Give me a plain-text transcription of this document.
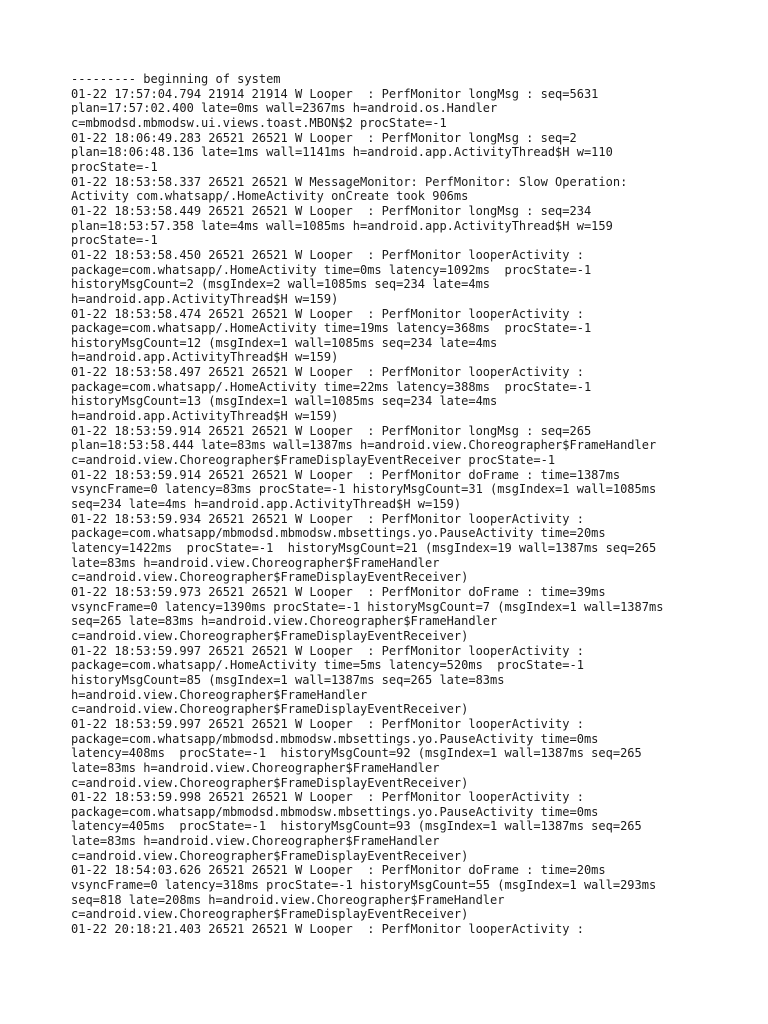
--------- beginning of system
01-22 17:57:04.794 21914 21914 W Looper  : PerfMonitor longMsg : seq=5631
plan=17:57:02.400 late=0ms wall=2367ms h=android.os.Handler
c=mbmodsd.mbmodsw.ui.views.toast.MBON$2 procState=-1
01-22 18:06:49.283 26521 26521 W Looper  : PerfMonitor longMsg : seq=2
plan=18:06:48.136 late=1ms wall=1141ms h=android.app.ActivityThread$H w=110
procState=-1
01-22 18:53:58.337 26521 26521 W MessageMonitor: PerfMonitor: Slow Operation:
Activity com.whatsapp/.HomeActivity onCreate took 906ms
01-22 18:53:58.449 26521 26521 W Looper  : PerfMonitor longMsg : seq=234
plan=18:53:57.358 late=4ms wall=1085ms h=android.app.ActivityThread$H w=159
procState=-1
01-22 18:53:58.450 26521 26521 W Looper  : PerfMonitor looperActivity :
package=com.whatsapp/.HomeActivity time=0ms latency=1092ms  procState=-1
historyMsgCount=2 (msgIndex=2 wall=1085ms seq=234 late=4ms
h=android.app.ActivityThread$H w=159)
01-22 18:53:58.474 26521 26521 W Looper  : PerfMonitor looperActivity :
package=com.whatsapp/.HomeActivity time=19ms latency=368ms  procState=-1
historyMsgCount=12 (msgIndex=1 wall=1085ms seq=234 late=4ms
h=android.app.ActivityThread$H w=159)
01-22 18:53:58.497 26521 26521 W Looper  : PerfMonitor looperActivity :
package=com.whatsapp/.HomeActivity time=22ms latency=388ms  procState=-1
historyMsgCount=13 (msgIndex=1 wall=1085ms seq=234 late=4ms
h=android.app.ActivityThread$H w=159)
01-22 18:53:59.914 26521 26521 W Looper  : PerfMonitor longMsg : seq=265
plan=18:53:58.444 late=83ms wall=1387ms h=android.view.Choreographer$FrameHandler
c=android.view.Choreographer$FrameDisplayEventReceiver procState=-1
01-22 18:53:59.914 26521 26521 W Looper  : PerfMonitor doFrame : time=1387ms
vsyncFrame=0 latency=83ms procState=-1 historyMsgCount=31 (msgIndex=1 wall=1085ms
seq=234 late=4ms h=android.app.ActivityThread$H w=159)
01-22 18:53:59.934 26521 26521 W Looper  : PerfMonitor looperActivity :
package=com.whatsapp/mbmodsd.mbmodsw.mbsettings.yo.PauseActivity time=20ms
latency=1422ms  procState=-1  historyMsgCount=21 (msgIndex=19 wall=1387ms seq=265
late=83ms h=android.view.Choreographer$FrameHandler
c=android.view.Choreographer$FrameDisplayEventReceiver)
01-22 18:53:59.973 26521 26521 W Looper  : PerfMonitor doFrame : time=39ms
vsyncFrame=0 latency=1390ms procState=-1 historyMsgCount=7 (msgIndex=1 wall=1387ms
seq=265 late=83ms h=android.view.Choreographer$FrameHandler
c=android.view.Choreographer$FrameDisplayEventReceiver)
01-22 18:53:59.997 26521 26521 W Looper  : PerfMonitor looperActivity :
package=com.whatsapp/.HomeActivity time=5ms latency=520ms  procState=-1
historyMsgCount=85 (msgIndex=1 wall=1387ms seq=265 late=83ms
h=android.view.Choreographer$FrameHandler
c=android.view.Choreographer$FrameDisplayEventReceiver)
01-22 18:53:59.997 26521 26521 W Looper  : PerfMonitor looperActivity :
package=com.whatsapp/mbmodsd.mbmodsw.mbsettings.yo.PauseActivity time=0ms
latency=408ms  procState=-1  historyMsgCount=92 (msgIndex=1 wall=1387ms seq=265
late=83ms h=android.view.Choreographer$FrameHandler
c=android.view.Choreographer$FrameDisplayEventReceiver)
01-22 18:53:59.998 26521 26521 W Looper  : PerfMonitor looperActivity :
package=com.whatsapp/mbmodsd.mbmodsw.mbsettings.yo.PauseActivity time=0ms
latency=405ms  procState=-1  historyMsgCount=93 (msgIndex=1 wall=1387ms seq=265
late=83ms h=android.view.Choreographer$FrameHandler
c=android.view.Choreographer$FrameDisplayEventReceiver)
01-22 18:54:03.626 26521 26521 W Looper  : PerfMonitor doFrame : time=20ms
vsyncFrame=0 latency=318ms procState=-1 historyMsgCount=55 (msgIndex=1 wall=293ms
seq=818 late=208ms h=android.view.Choreographer$FrameHandler
c=android.view.Choreographer$FrameDisplayEventReceiver)
01-22 20:18:21.403 26521 26521 W Looper  : PerfMonitor looperActivity :
